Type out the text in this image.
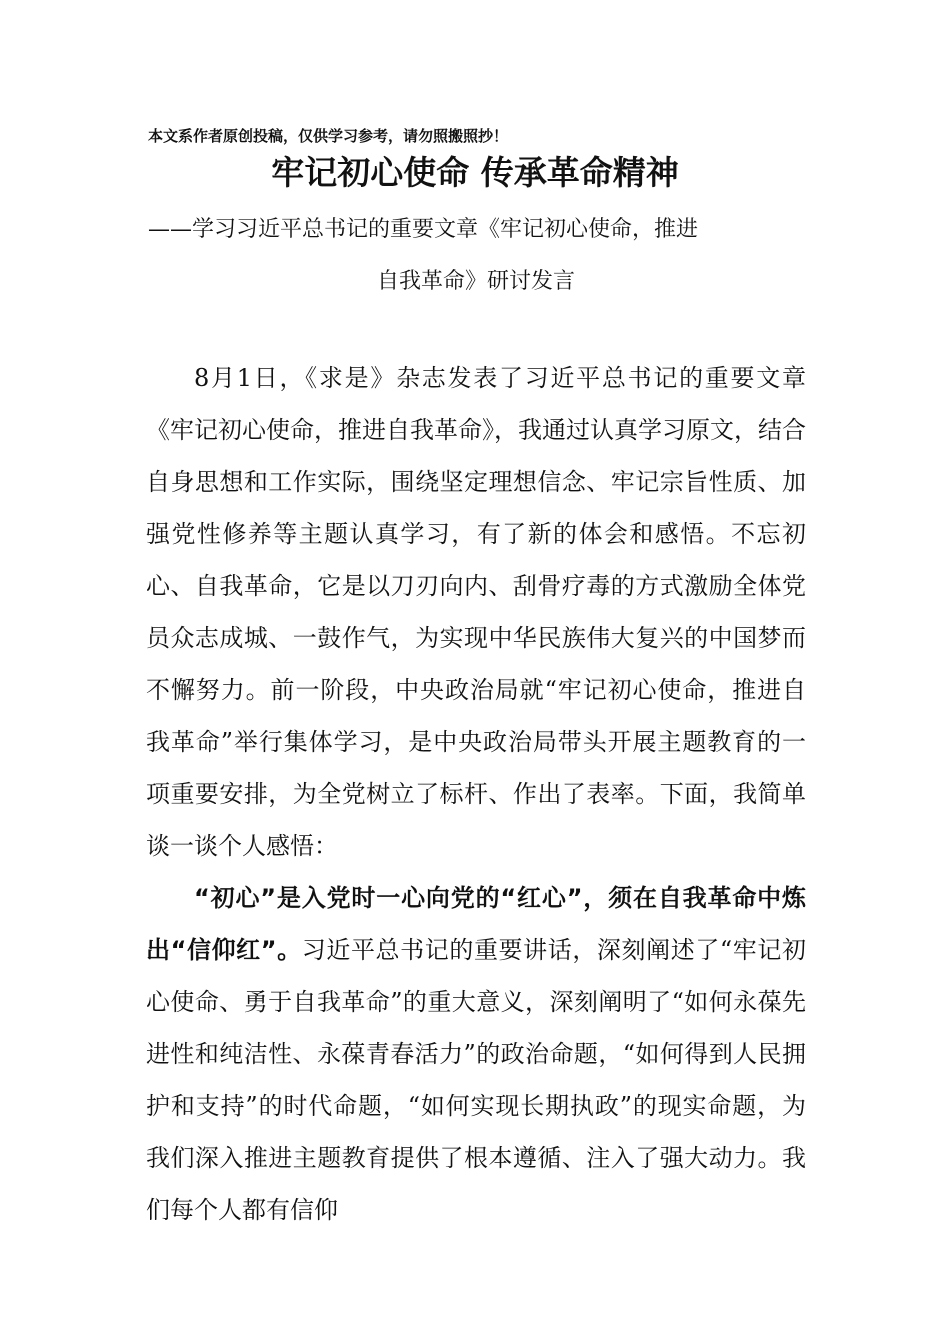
本文系作者原创投稿，仅供学习参考，请勿照搬照抄！
牢记初心使命 传承革命精神
——学习习近平总书记的重要文章《牢记初心使命，推进
自我革命》研讨发言

8月1日，《求是》杂志发表了习近平总书记的重要文章《牢记初心使命，推进自我革命》，我通过认真学习原文，结合自身思想和工作实际，围绕坚定理想信念、牢记宗旨性质、加强党性修养等主题认真学习，有了新的体会和感悟。不忘初心、自我革命，它是以刀刃向内、刮骨疗毒的方式激励全体党员众志成城、一鼓作气，为实现中华民族伟大复兴的中国梦而不懈努力。前一阶段，中央政治局就“牢记初心使命，推进自我革命”举行集体学习，是中央政治局带头开展主题教育的一项重要安排，为全党树立了标杆、作出了表率。下面，我简单谈一谈个人感悟：

“初心”是入党时一心向党的“红心”，须在自我革命中炼出“信仰红”。习近平总书记的重要讲话，深刻阐述了“牢记初心使命、勇于自我革命”的重大意义，深刻阐明了“如何永葆先进性和纯洁性、永葆青春活力”的政治命题，“如何得到人民拥护和支持”的时代命题，“如何实现长期执政”的现实命题，为我们深入推进主题教育提供了根本遵循、注入了强大动力。我们每个人都有信仰
